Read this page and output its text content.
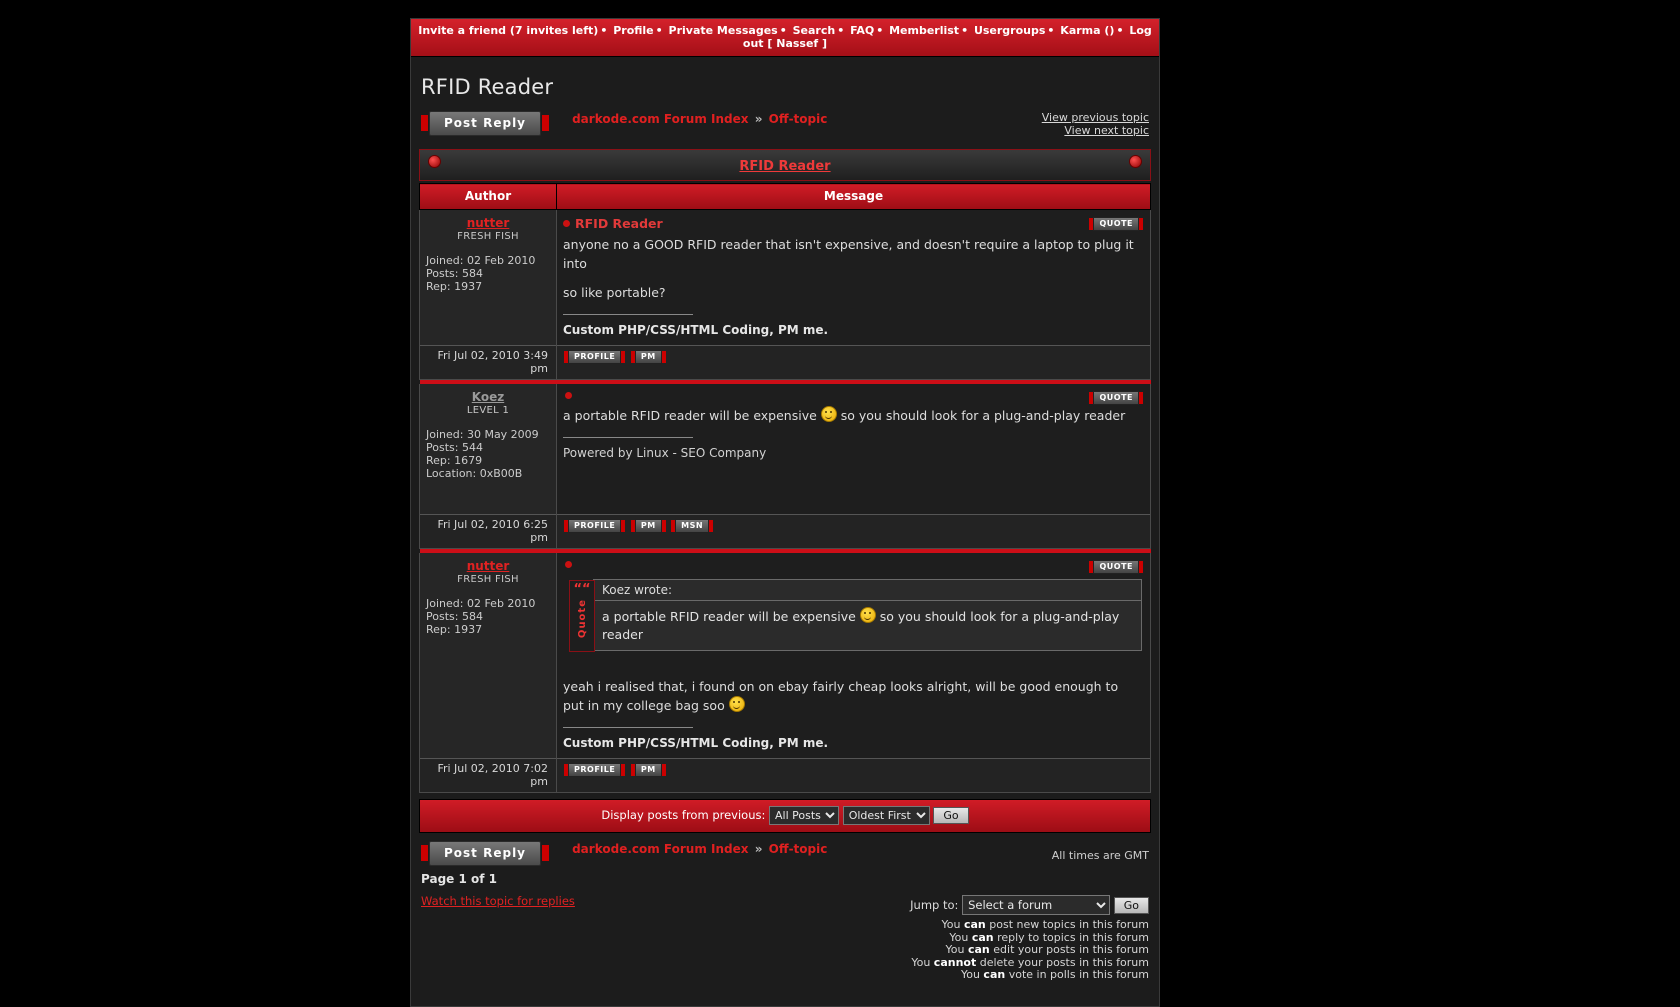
Invite a friend (7 invites left) • Profile • Private Messages • Search • FAQ • Memberlist • Usergroups • Karma () • Log out [ Nassef ]
RFID Reader
Post Reply	darkode.com Forum Index » Off-topic	View previous topic
View next topic
RFID Reader
Author	Message

nutter
FRESH FISH
Joined: 02 Feb 2010
Posts: 584
Rep: 1937

QUOTE
RFID Reader

anyone no a GOOD RFID reader that isn't expensive, and doesn't require a laptop to plug it into

so like portable?

Custom PHP/CSS/HTML Coding, PM me.

Fri Jul 02, 2010 3:49 pm	PROFILE PM

Koez
LEVEL 1
Joined: 30 May 2009
Posts: 544
Rep: 1679
Location: 0xB00B

QUOTE

a portable RFID reader will be expensive  so you should look for a plug-and-play reader

Powered by Linux - SEO Company

Fri Jul 02, 2010 6:25 pm	PROFILE PM MSN

nutter
FRESH FISH
Joined: 02 Feb 2010
Posts: 584
Rep: 1937

QUOTE
““
Quote
Koez wrote:
a portable RFID reader will be expensive  so you should look for a plug-and-play reader

yeah i realised that, i found on on ebay fairly cheap looks alright, will be good enough to put in my college bag soo

Custom PHP/CSS/HTML Coding, PM me.

Fri Jul 02, 2010 7:02 pm	PROFILE PM
Display posts from previous:
All Posts
Oldest First	Go
Post Reply	darkode.com Forum Index » Off-topic	All times are GMT
Page 1 of 1
Watch this topic for replies	Jump to:
Select a forum	Go
You can post new topics in this forum
You can reply to topics in this forum
You can edit your posts in this forum
You cannot delete your posts in this forum
You can vote in polls in this forum
